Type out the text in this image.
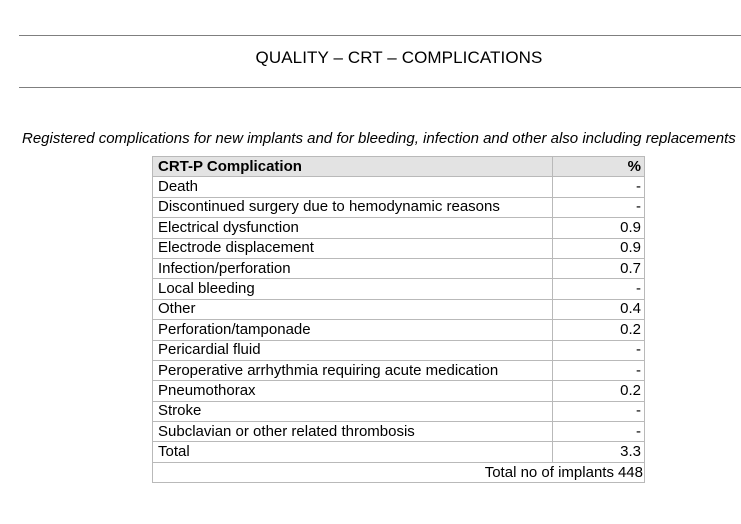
QUALITY – CRT – COMPLICATIONS
Registered complications for new implants and for bleeding, infection and other also including replacements
CRT-P Complication	%
Death	-
Discontinued surgery due to hemodynamic reasons	-
Electrical dysfunction	0.9
Electrode displacement	0.9
Infection/perforation	0.7
Local bleeding	-
Other	0.4
Perforation/tamponade	0.2
Pericardial fluid	-
Peroperative arrhythmia requiring acute medication	-
Pneumothorax	0.2
Stroke	-
Subclavian or other related thrombosis	-
Total	3.3
Total no of implants 448	
